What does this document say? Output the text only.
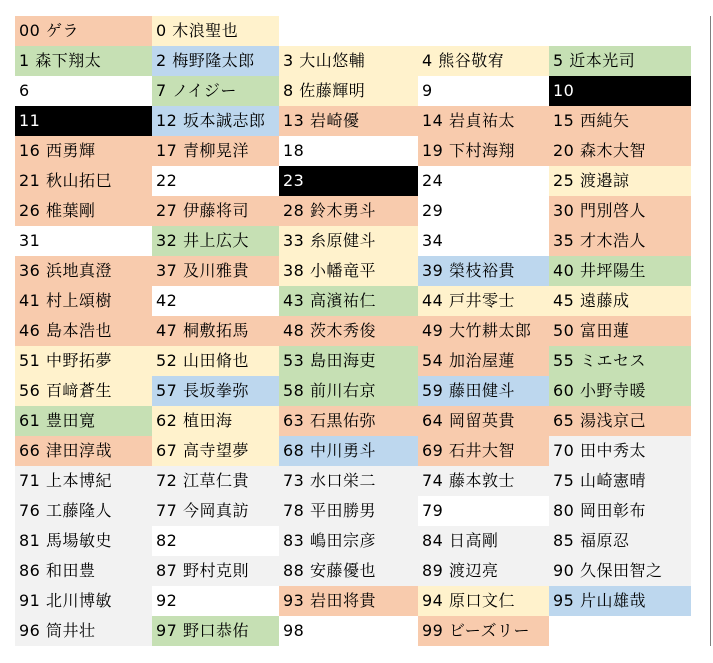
00 ゲラ	0 木浪聖也
1 森下翔太	2 梅野隆太郎	3 大山悠輔	4 熊谷敬宥	5 近本光司
6	7 ノイジー	8 佐藤輝明	9	10
11	12 坂本誠志郎	13 岩崎優	14 岩貞祐太	15 西純矢
16 西勇輝	17 青柳晃洋	18	19 下村海翔	20 森木大智
21 秋山拓巳	22	23	24	25 渡邉諒
26 椎葉剛	27 伊藤将司	28 鈴木勇斗	29	30 門別啓人
31	32 井上広大	33 糸原健斗	34	35 才木浩人
36 浜地真澄	37 及川雅貴	38 小幡竜平	39 榮枝裕貴	40 井坪陽生
41 村上頌樹	42	43 高濱祐仁	44 戸井零士	45 遠藤成
46 島本浩也	47 桐敷拓馬	48 茨木秀俊	49 大竹耕太郎	50 富田蓮
51 中野拓夢	52 山田脩也	53 島田海吏	54 加治屋蓮	55 ミエセス
56 百﨑蒼生	57 長坂拳弥	58 前川右京	59 藤田健斗	60 小野寺暖
61 豊田寛	62 植田海	63 石黒佑弥	64 岡留英貴	65 湯浅京己
66 津田淳哉	67 高寺望夢	68 中川勇斗	69 石井大智	70 田中秀太
71 上本博紀	72 江草仁貴	73 水口栄二	74 藤本敦士	75 山崎憲晴
76 工藤隆人	77 今岡真訪	78 平田勝男	79	80 岡田彰布
81 馬場敏史	82	83 嶋田宗彦	84 日高剛	85 福原忍
86 和田豊	87 野村克則	88 安藤優也	89 渡辺亮	90 久保田智之
91 北川博敏	92	93 岩田将貴	94 原口文仁	95 片山雄哉
96 筒井壮	97 野口恭佑	98	99 ビーズリー
